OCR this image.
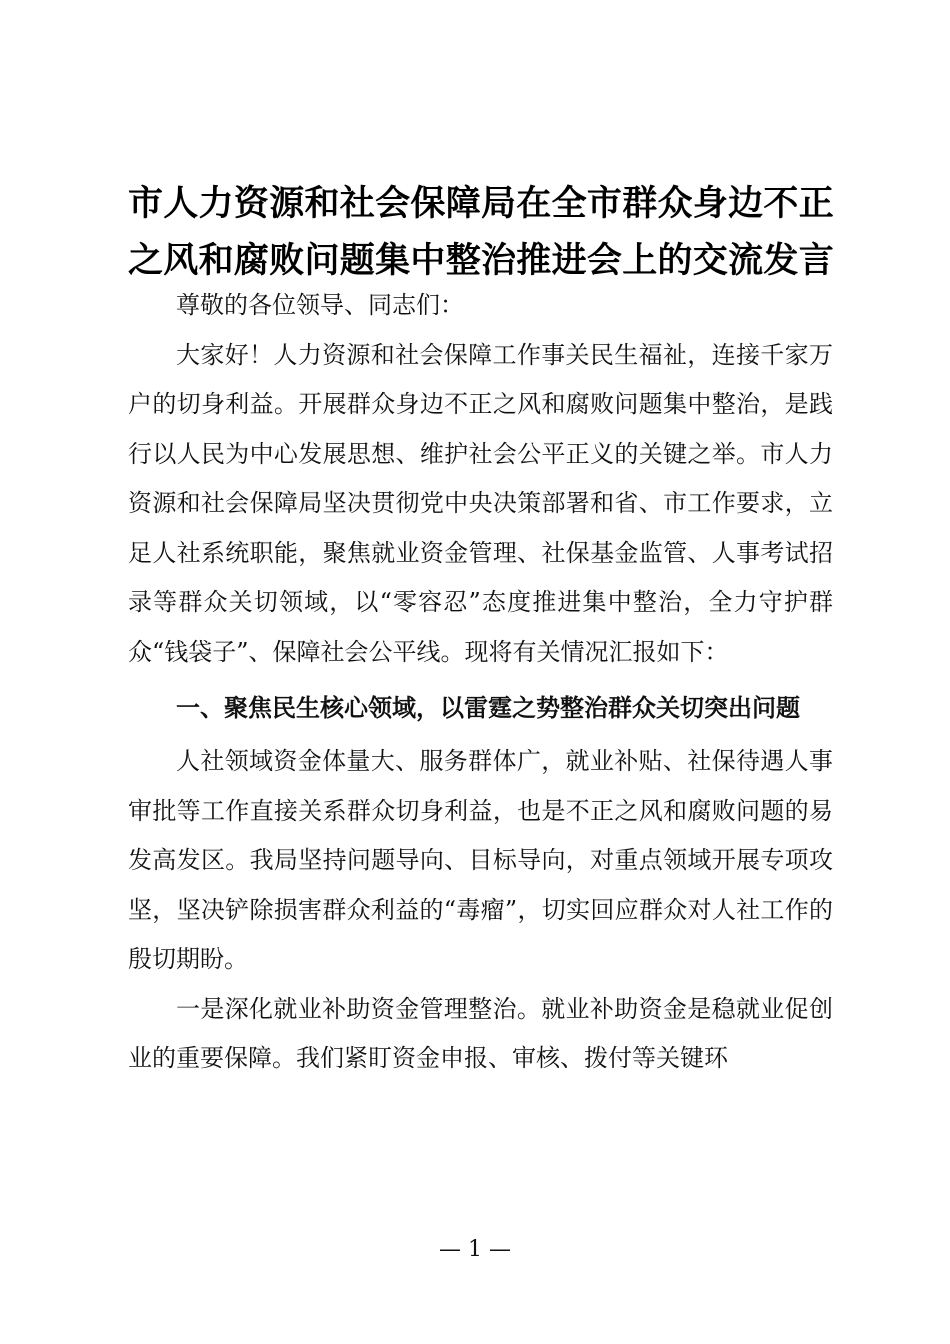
市人力资源和社会保障局在全市群众身边不正
之风和腐败问题集中整治推进会上的交流发言

尊敬的各位领导、同志们：

大家好！人力资源和社会保障工作事关民生福祉，连接千家万户的切身利益。开展群众身边不正之风和腐败问题集中整治，是践行以人民为中心发展思想、维护社会公平正义的关键之举。市人力资源和社会保障局坚决贯彻党中央决策部署和省、市工作要求，立足人社系统职能，聚焦就业资金管理、社保基金监管、人事考试招录等群众关切领域，以“零容忍”态度推进集中整治，全力守护群众“钱袋子”、保障社会公平线。现将有关情况汇报如下：

一、聚焦民生核心领域，以雷霆之势整治群众关切突出问题

人社领域资金体量大、服务群体广，就业补贴、社保待遇人事审批等工作直接关系群众切身利益，也是不正之风和腐败问题的易发高发区。我局坚持问题导向、目标导向，对重点领域开展专项攻坚，坚决铲除损害群众利益的“毒瘤”，切实回应群众对人社工作的殷切期盼。

一是深化就业补助资金管理整治。就业补助资金是稳就业促创业的重要保障。我们紧盯资金申报、审核、拨付等关键环

— 1 —
